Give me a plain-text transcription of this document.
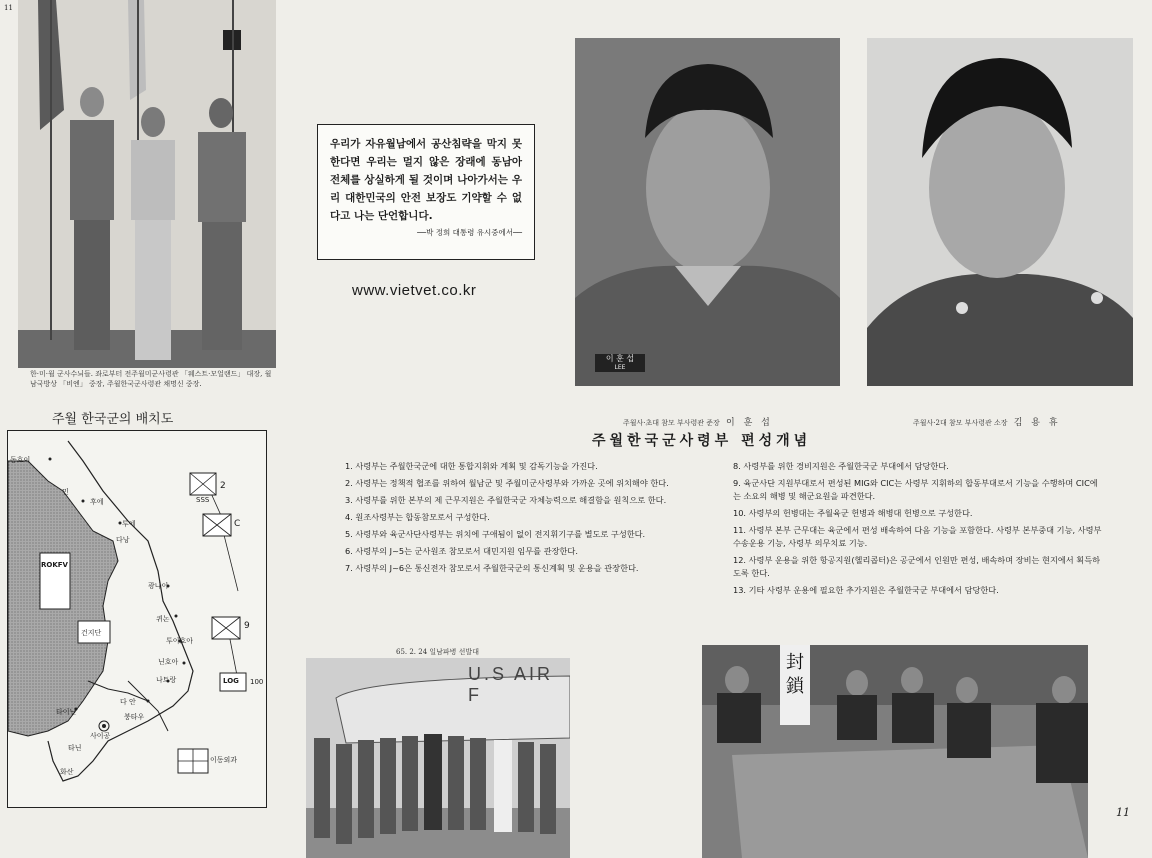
한·미·월 군사수뇌들. 좌로부터 전주월미군사령관 「웨스트·모얼랜드」 대장, 월남국방상 「비엔」 중장, 주월한국군사령관 채명신 중장.
우리가 자유월남에서 공산침략을 막지 못한다면 우리는 멀지 않은 장래에 동남아 전체를 상실하게 될 것이며 나아가서는 우리 대한민국의 안전 보장도 기약할 수 없다고 나는 단언합니다.
──박 정희 대통령 유시중에서──
www.vietvet.co.kr
주월 한국군의 배치도
동호이
민
후에
투에
다낭
광나이
퀴논
투이호아
닌호아
나트랑
다 안
붕타우
타이닌
사이공
타닌
화산
이동외과
ROKFV
건지단
LOG 100
2
SSS
C
9
65. 2. 24 일남파병 선발대
U.S AIR F
이 훈 섭
LEE
주월사·초대 참모 부사령관 준장 이 훈 섭	주월사·2대 참모 부사령관 소장 김 용 휴
주월한국군사령부 편성개념
1. 사령부는 주월한국군에 대한 통합지휘와 계획 및 감독기능을 가진다.
2. 사령부는 정책적 협조를 위하여 월남군 및 주월미군사령부와 가까운 곳에 위치해야 한다.
3. 사령부를 위한 본부의 제 근무지원은 주월한국군 자체능력으로 해결함을 원칙으로 한다.
4. 원조사령부는 합동참모로서 구성한다.
5. 사령부와 육군사단사령부는 위치에 구애됨이 없이 전지휘기구를 별도로 구성한다.
6. 사령부의 J~5는 군사원조 참모로서 대민지원 임무를 관장한다.
7. 사령부의 J~6은 통신전자 참모로서 주월한국군의 통신계획 및 운용을 관장한다.
8. 사령부를 위한 경비지원은 주월한국군 부대에서 담당한다.
9. 육군사단 지원부대로서 편성된 MIG와 CIC는 사령부 지휘하의 합동부대로서 기능을 수행하며 CIC에는 소요의 해병 및 해군요원을 파견한다.
10. 사령부의 헌병대는 주월육군 헌병과 해병대 헌병으로 구성한다.
11. 사령부 본부 근무대는 육군에서 편성 배속하여 다음 기능을 포함한다. 사령부 본부중대 기능, 사령부 수송운용 기능, 사령부 의무치료 기능.
12. 사령부 운용을 위한 항공지원(헬리콥터)은 공군에서 인원만 편성, 배속하며 장비는 현지에서 획득하도록 한다.
13. 기타 사령부 운용에 필요한 추가지원은 주월한국군 부대에서 담당한다.
封鎖
11
11
